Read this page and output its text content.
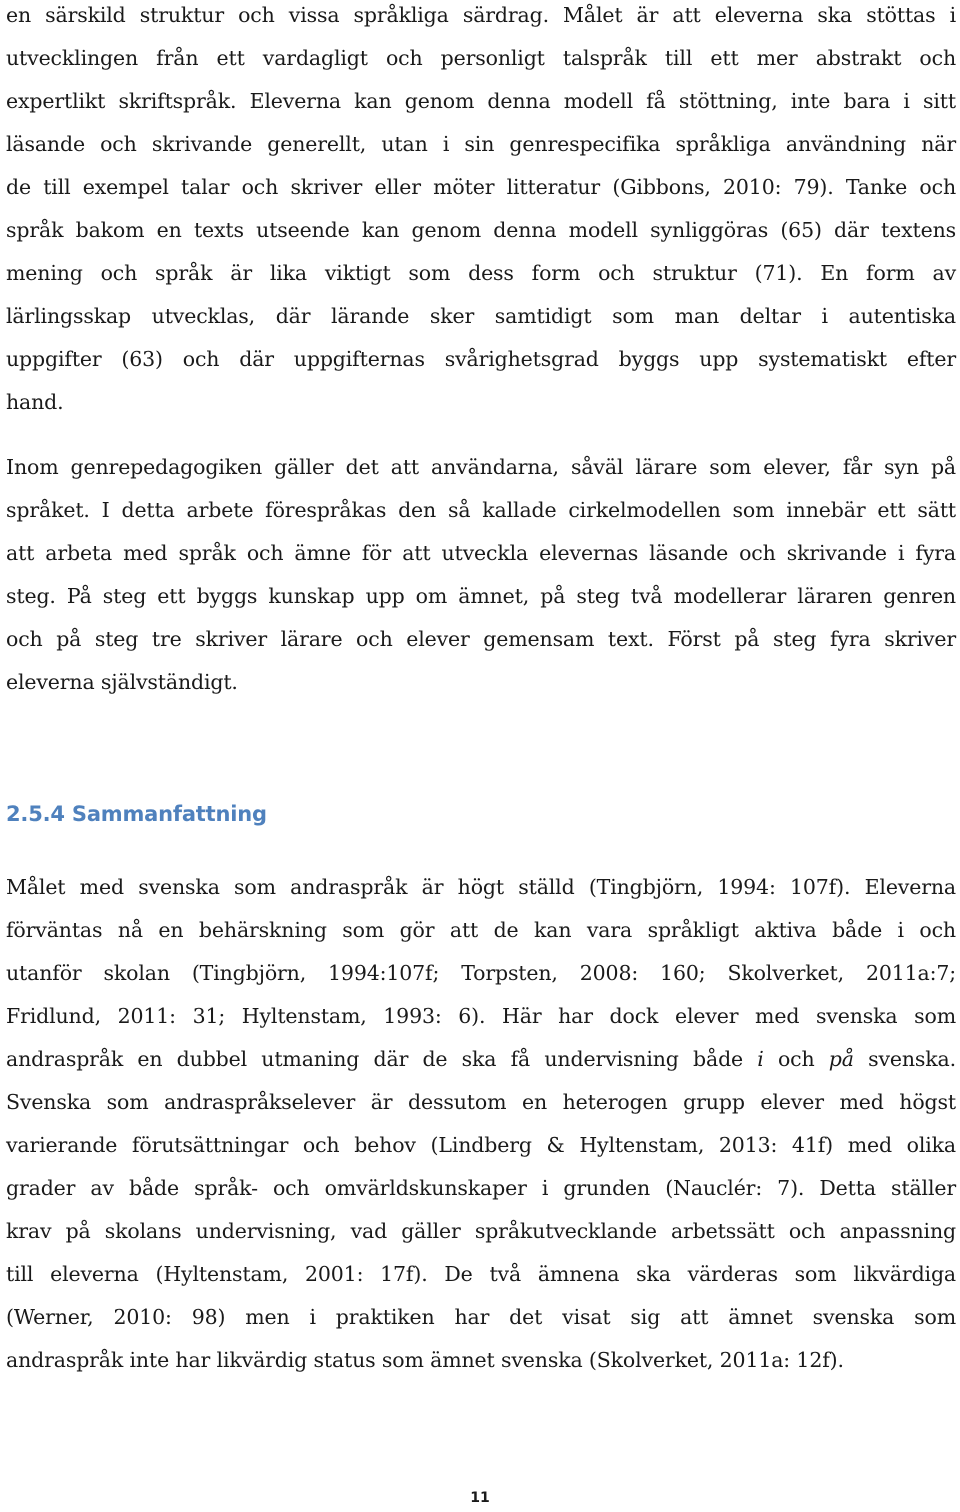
en särskild struktur och vissa språkliga särdrag. Målet är att eleverna ska stöttas i
utvecklingen från ett vardagligt och personligt talspråk till ett mer abstrakt och
expertlikt skriftspråk. Eleverna kan genom denna modell få stöttning, inte bara i sitt
läsande och skrivande generellt, utan i sin genrespecifika språkliga användning när
de till exempel talar och skriver eller möter litteratur (Gibbons, 2010: 79). Tanke och
språk bakom en texts utseende kan genom denna modell synliggöras (65) där textens
mening och språk är lika viktigt som dess form och struktur (71). En form av
lärlingsskap utvecklas, där lärande sker samtidigt som man deltar i autentiska
uppgifter (63) och där uppgifternas svårighetsgrad byggs upp systematiskt efter
hand.
Inom genrepedagogiken gäller det att användarna, såväl lärare som elever, får syn på
språket. I detta arbete förespråkas den så kallade cirkelmodellen som innebär ett sätt
att arbeta med språk och ämne för att utveckla elevernas läsande och skrivande i fyra
steg. På steg ett byggs kunskap upp om ämnet, på steg två modellerar läraren genren
och på steg tre skriver lärare och elever gemensam text. Först på steg fyra skriver
eleverna självständigt.
2.5.4 Sammanfattning
Målet med svenska som andraspråk är högt ställd (Tingbjörn, 1994: 107f). Eleverna
förväntas nå en behärskning som gör att de kan vara språkligt aktiva både i och
utanför skolan (Tingbjörn, 1994:107f; Torpsten, 2008: 160; Skolverket, 2011a:7;
Fridlund, 2011: 31; Hyltenstam, 1993: 6). Här har dock elever med svenska som
andraspråk en dubbel utmaning där de ska få undervisning både i och på svenska.
Svenska som andraspråkselever är dessutom en heterogen grupp elever med högst
varierande förutsättningar och behov (Lindberg & Hyltenstam, 2013: 41f) med olika
grader av både språk- och omvärldskunskaper i grunden (Nauclér: 7). Detta ställer
krav på skolans undervisning, vad gäller språkutvecklande arbetssätt och anpassning
till eleverna (Hyltenstam, 2001: 17f). De två ämnena ska värderas som likvärdiga
(Werner, 2010: 98) men i praktiken har det visat sig att ämnet svenska som
andraspråk inte har likvärdig status som ämnet svenska (Skolverket, 2011a: 12f).
11
